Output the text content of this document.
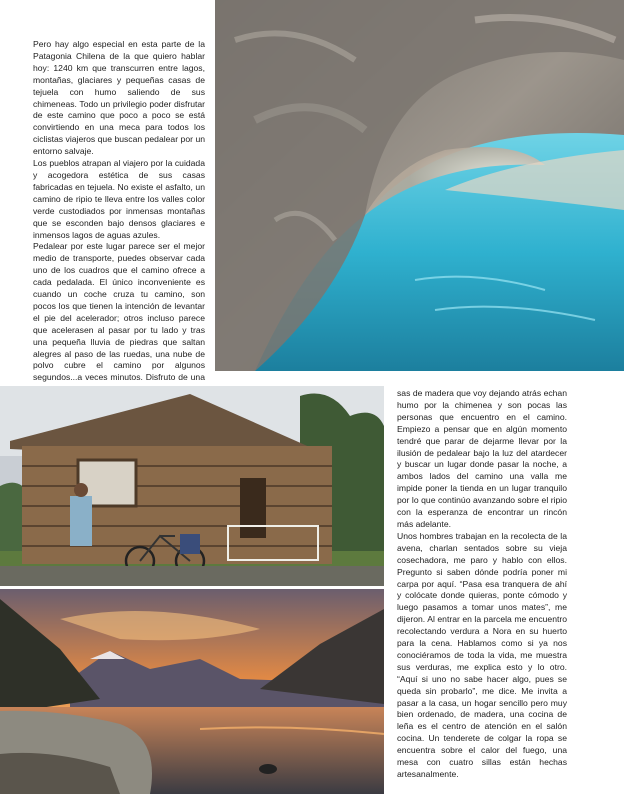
Pero hay algo especial en esta parte de la Patagonia Chilena de la que quiero hablar hoy: 1240 km que transcurren entre lagos, montañas, glaciares y pequeñas casas de tejuela con humo saliendo de sus chimeneas. Todo un privilegio poder disfrutar de este camino que poco a poco se está convirtiendo en una meca para todos los ciclistas viajeros que buscan pedalear por un entorno salvaje.

Los pueblos atrapan al viajero por la cuidada y acogedora estética de sus casas fabricadas en tejuela. No existe el asfalto, un camino de ripio te lleva entre los valles color verde custodiados por inmensas montañas que se esconden bajo densos glaciares e inmensos lagos de aguas azules.

Pedalear por este lugar parece ser el mejor medio de transporte, puedes observar cada uno de los cuadros que el camino ofrece a cada pedalada. El único inconveniente es cuando un coche cruza tu camino, son pocos los que tienen la intención de levantar el pie del acelerador; otros incluso parece que acelerasen al pasar por tu lado y tras una pequeña lluvia de piedras que saltan alegres al paso de las ruedas, una nube de polvo cubre el camino por algunos segundos...a veces minutos. Disfruto de una

sas de madera que voy dejando atrás echan humo por la chimenea y son pocas las personas que encuentro en el camino. Empiezo a pensar que en algún momento tendré que parar de dejarme llevar por la ilusión de pedalear bajo la luz del atardecer y buscar un lugar donde pasar la noche, a ambos lados del camino una valla me impide poner la tienda en un lugar tranquilo por lo que continúo avanzando sobre el ripio con la esperanza de encontrar un rincón más adelante.

Unos hombres trabajan en la recolecta de la avena, charlan sentados sobre su vieja cosechadora, me paro y hablo con ellos. Pregunto si saben dónde podría poner mi carpa por aquí. “Pasa esa tranquera de ahí y colócate donde quieras, ponte cómodo y luego pasamos a tomar unos mates”, me dijeron. Al entrar en la parcela me encuentro recolectando verdura a Nora en su huerto para la cena. Hablamos como si ya nos conociéramos de toda la vida, me muestra sus verduras, me explica esto y lo otro. “Aquí si uno no sabe hacer algo, pues se queda sin probarlo”, me dice. Me invita a pasar a la casa, un hogar sencillo pero muy bien ordenado, de madera, una cocina de leña es el centro de atención en el salón cocina. Un tenderete de colgar la ropa se encuentra sobre el calor del fuego, una mesa con cuatro sillas están hechas artesanalmente.
